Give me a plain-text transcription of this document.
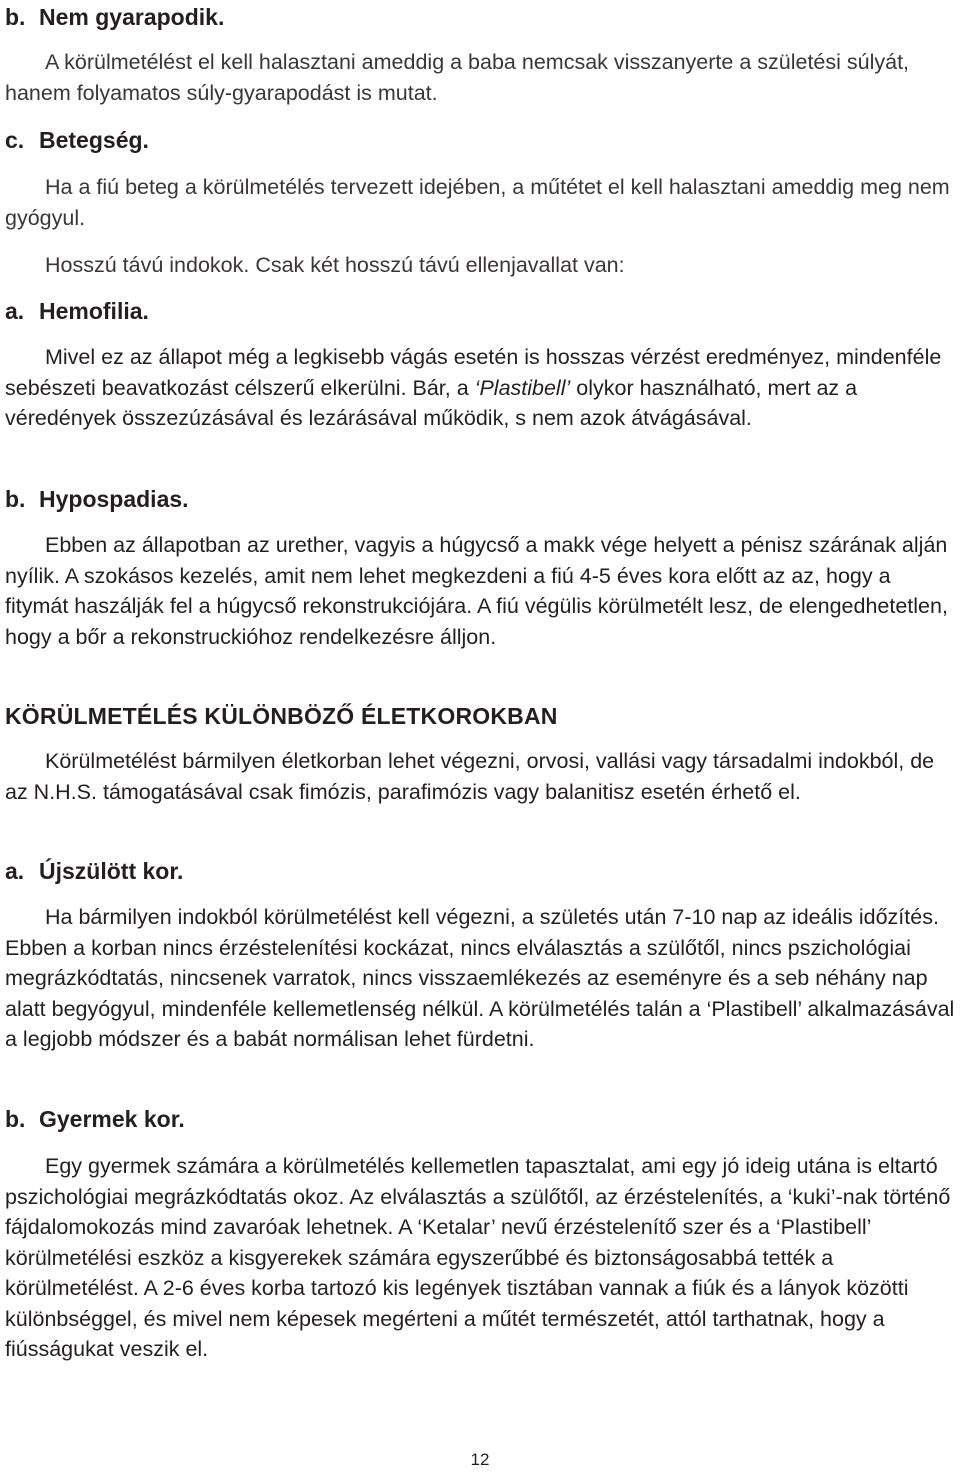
b. Nem gyarapodik.

A körülmetélést el kell halasztani ameddig a baba nemcsak visszanyerte a születési súlyát, hanem folyamatos súly-gyarapodást is mutat.

c. Betegség.

Ha a fiú beteg a körülmetélés tervezett idejében, a műtétet el kell halasztani ameddig meg nem gyógyul.

Hosszú távú indokok. Csak két hosszú távú ellenjavallat van:

a. Hemofilia.

Mivel ez az állapot még a legkisebb vágás esetén is hosszas vérzést eredményez, mindenféle sebészeti beavatkozást célszerű elkerülni. Bár, a ‘Plastibell’ olykor használható, mert az a véredények összezúzásával és lezárásával működik, s nem azok átvágásával.

b. Hypospadias.

Ebben az állapotban az urether, vagyis a húgycső a makk vége helyett a pénisz szárának alján nyílik. A szokásos kezelés, amit nem lehet megkezdeni a fiú 4-5 éves kora előtt az az, hogy a fitymát haszálják fel a húgycső rekonstrukciójára. A fiú végülis körülmetélt lesz, de elengedhetetlen, hogy a bőr a rekonstruckióhoz rendelkezésre álljon.

KÖRÜLMETÉLÉS KÜLÖNBÖZŐ ÉLETKOROKBAN

Körülmetélést bármilyen életkorban lehet végezni, orvosi, vallási vagy társadalmi indokból, de az N.H.S. támogatásával csak fimózis, parafimózis vagy balanitisz esetén érhető el.

a. Újszülött kor.

Ha bármilyen indokból körülmetélést kell végezni, a születés után 7-10 nap az ideális időzítés. Ebben a korban nincs érzéstelenítési kockázat, nincs elválasztás a szülőtől, nincs pszichológiai megrázkódtatás, nincsenek varratok, nincs visszaemlékezés az eseményre és a seb néhány nap alatt begyógyul, mindenféle kellemetlenség nélkül. A körülmetélés talán a ‘Plastibell’ alkalmazásával a legjobb módszer és a babát normálisan lehet fürdetni.

b. Gyermek kor.

Egy gyermek számára a körülmetélés kellemetlen tapasztalat, ami egy jó ideig utána is eltartó pszichológiai megrázkódtatás okoz. Az elválasztás a szülőtől, az érzéstelenítés, a ‘kuki’-nak történő fájdalomokozás mind zavaróak lehetnek. A ‘Ketalar’ nevű érzéstelenítő szer és a ‘Plastibell’ körülmetélési eszköz a kisgyerekek számára egyszerűbbé és biztonságosabbá tették a körülmetélést. A 2-6 éves korba tartozó kis legények tisztában vannak a fiúk és a lányok közötti különbséggel, és mivel nem képesek megérteni a műtét természetét, attól tarthatnak, hogy a fiússágukat veszik el.

12
